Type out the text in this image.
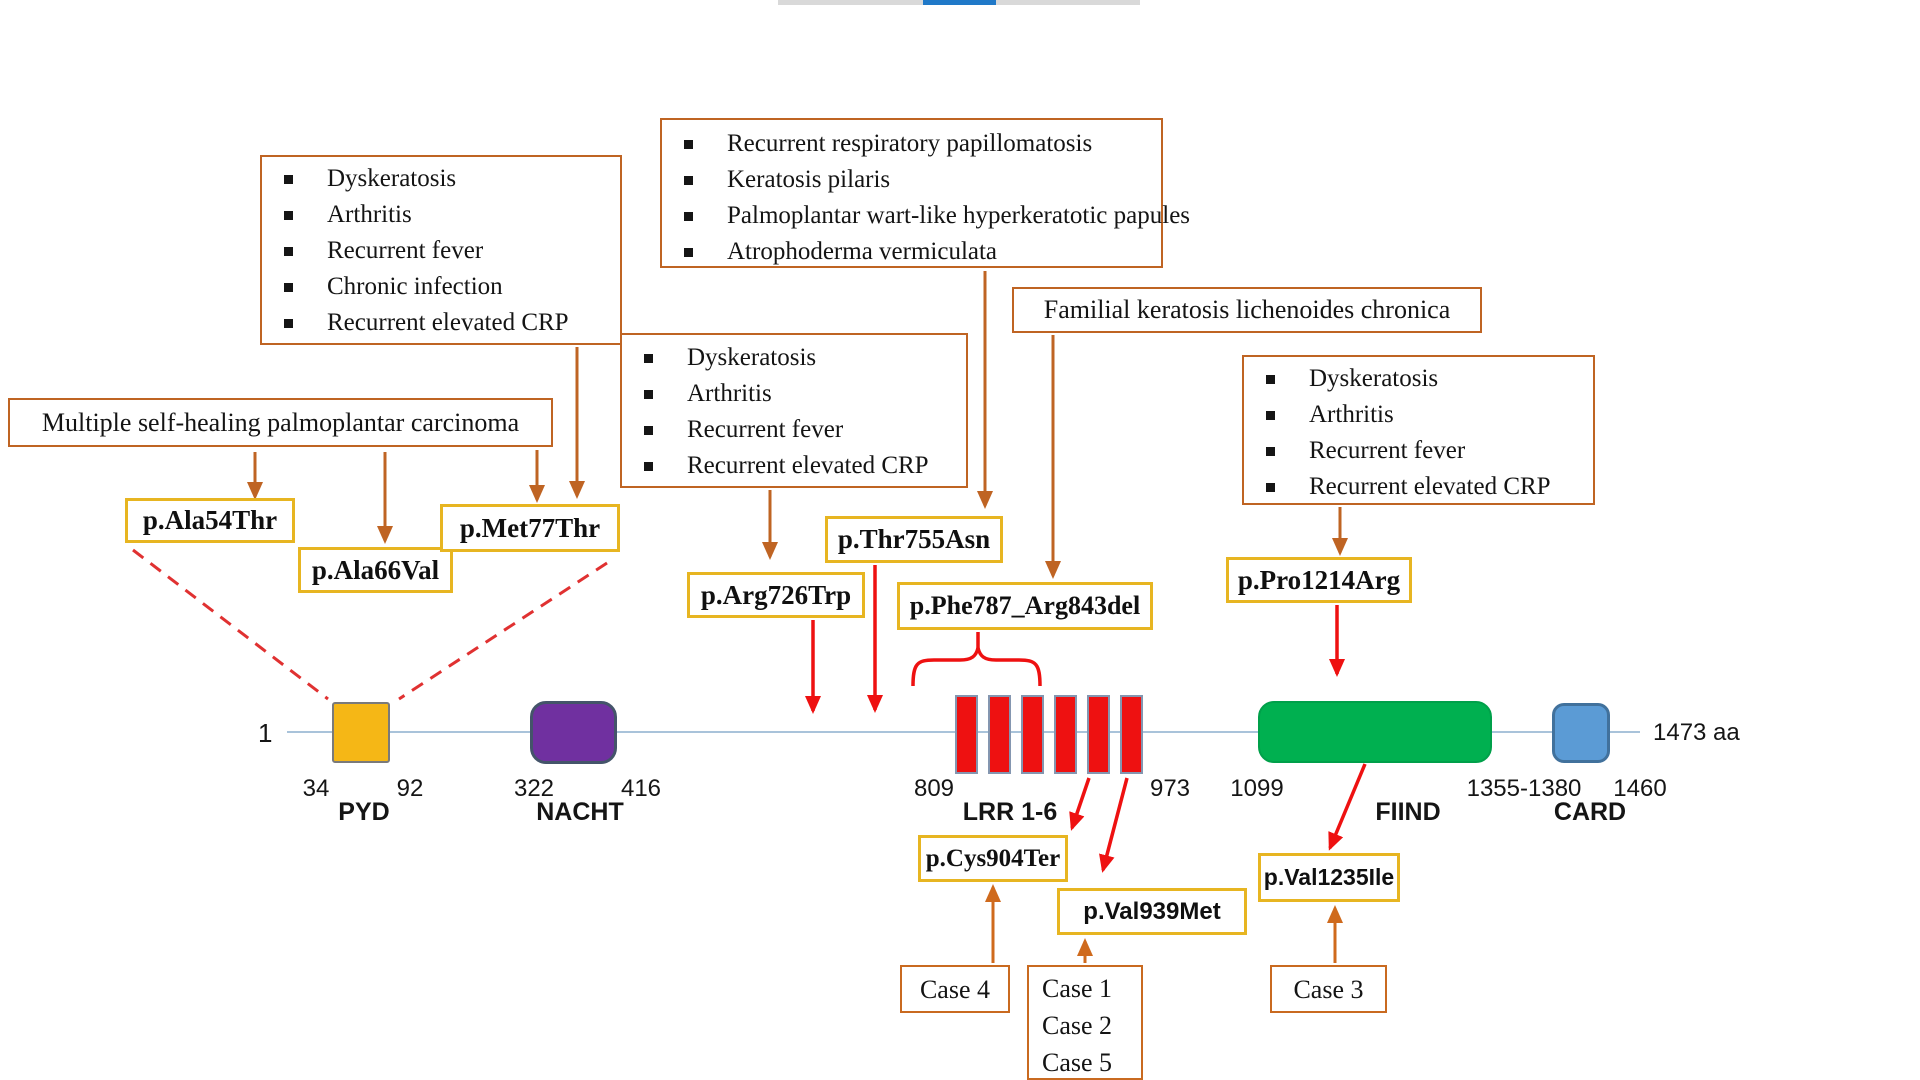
Recurrent respiratory papillomatosis
Keratosis pilaris
Palmoplantar wart-like hyperkeratotic papules
Atrophoderma vermiculata
Dyskeratosis
Arthritis
Recurrent fever
Chronic infection
Recurrent elevated CRP
Dyskeratosis
Arthritis
Recurrent fever
Recurrent elevated CRP
Dyskeratosis
Arthritis
Recurrent fever
Recurrent elevated CRP
Familial keratosis lichenoides chronica
Multiple self-healing palmoplantar carcinoma
p.Ala54Thr
p.Ala66Val
p.Met77Thr
p.Arg726Trp
p.Thr755Asn
p.Phe787_Arg843del
p.Pro1214Arg
p.Cys904Ter
p.Val939Met
p.Val1235Ile
Case 4 Case 1
Case 2
Case 5
Case 3
1	1473 aa
34	92	322	416	809	973 1099	1355-1380 1460
PYD	NACHT	LRR 1-6	FIIND	CARD
